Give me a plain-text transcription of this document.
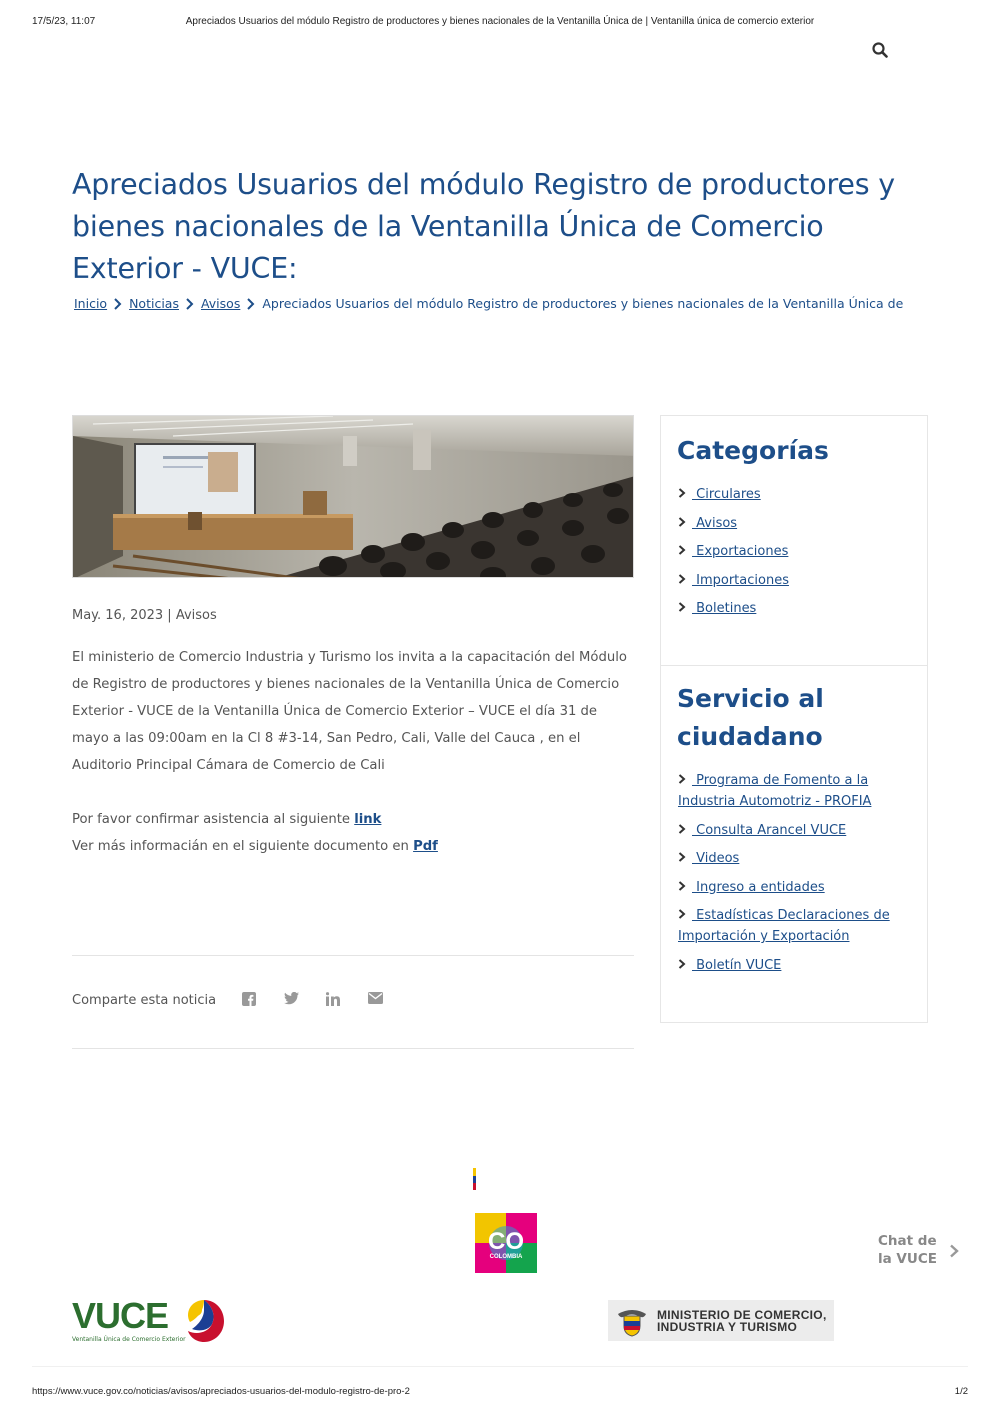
17/5/23, 11:07	Apreciados Usuarios del módulo Registro de productores y bienes nacionales de la Ventanilla Única de | Ventanilla única de comercio exterior
Apreciados Usuarios del módulo Registro de productores y bienes nacionales de la Ventanilla Única de Comercio Exterior - VUCE:
Inicio Noticias Avisos Apreciados Usuarios del módulo Registro de productores y bienes nacionales de la Ventanilla Única de
May. 16, 2023 | Avisos

El ministerio de Comercio Industria y Turismo los invita a la capacitación del Módulo de Registro de productores y bienes nacionales de la Ventanilla Única de Comercio Exterior - VUCE de la Ventanilla Única de Comercio Exterior – VUCE el día 31 de mayo a las 09:00am en la Cl 8 #3-14, San Pedro, Cali, Valle del Cauca , en el Auditorio Principal Cámara de Comercio de Cali

Por favor confirmar asistencia al siguiente link
Ver más informacián en el siguiente documento en Pdf

Comparte esta noticia
Categorías
Circulares
Avisos
Exportaciones
Importaciones
Boletines
Servicio al ciudadano
Programa de Fomento a la Industria Automotriz - PROFIA
Consulta Arancel VUCE
Videos
Ingreso a entidades
Estadísticas Declaraciones de Importación y Exportación
Boletín VUCE
CO
COLOMBIA
Chat de
la VUCE
VUCE
Ventanilla Única de Comercio Exterior
MINISTERIO DE COMERCIO,
INDUSTRIA Y TURISMO
https://www.vuce.gov.co/noticias/avisos/apreciados-usuarios-del-modulo-registro-de-pro-2	1/2
